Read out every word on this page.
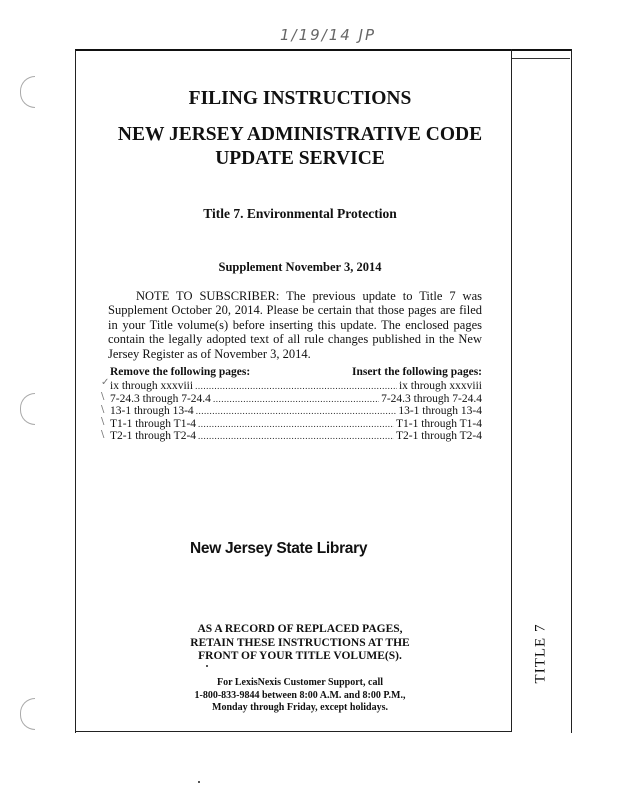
1/19/14 JP
FILING INSTRUCTIONS
NEW JERSEY ADMINISTRATIVE CODE
UPDATE SERVICE
Title 7. Environmental Protection
Supplement November 3, 2014

NOTE TO SUBSCRIBER: The previous update to Title 7 was Supplement October 20, 2014. Please be certain that those pages are filed in your Title volume(s) before inserting this update. The enclosed pages contain the legally adopted text of all rule changes published in the New Jersey Register as of November 3, 2014.

Remove the following pages:	Insert the following pages:
ix through xxxviii .....	ix through xxxviii
7-24.3 through 7-24.4 .....	7-24.3 through 7-24.4
13-1 through 13-4 .....	13-1 through 13-4
T1-1 through T1-4 .....	T1-1 through T1-4
T2-1 through T2-4 .....	T2-1 through T2-4
✓
\
\
\
\
New Jersey State Library
AS A RECORD OF REPLACED PAGES,
RETAIN THESE INSTRUCTIONS AT THE
FRONT OF YOUR TITLE VOLUME(S).
For LexisNexis Customer Support, call
1-800-833-9844 between 8:00 A.M. and 8:00 P.M.,
Monday through Friday, except holidays.
TITLE 7
